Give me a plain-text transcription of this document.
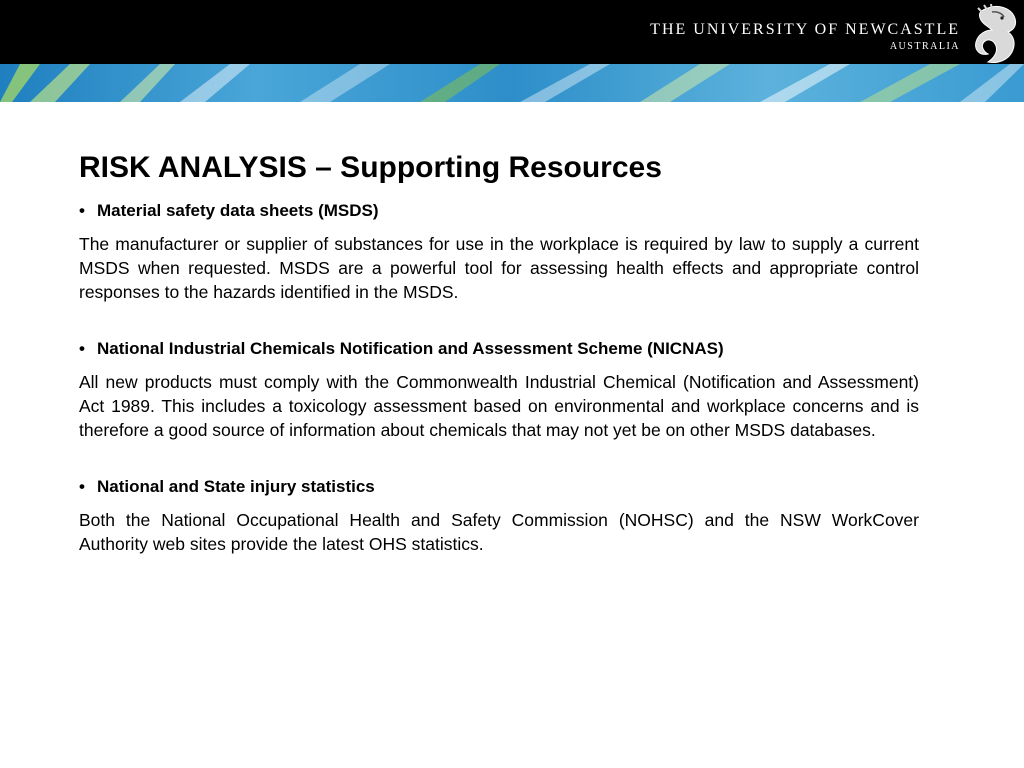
THE UNIVERSITY OF NEWCASTLE
AUSTRALIA
RISK ANALYSIS – Supporting Resources
• Material safety data sheets (MSDS)

The manufacturer or supplier of substances for use in the workplace is required by law to supply a current MSDS when requested. MSDS are a powerful tool for assessing health effects and appropriate control responses to the hazards identified in the MSDS.

• National Industrial Chemicals Notification and Assessment Scheme (NICNAS)

All new products must comply with the Commonwealth Industrial Chemical (Notification and Assessment) Act 1989. This includes a toxicology assessment based on environmental and workplace concerns and is therefore a good source of information about chemicals that may not yet be on other MSDS databases.

• National and State injury statistics

Both the National Occupational Health and Safety Commission (NOHSC) and the NSW WorkCover Authority web sites provide the latest OHS statistics.
